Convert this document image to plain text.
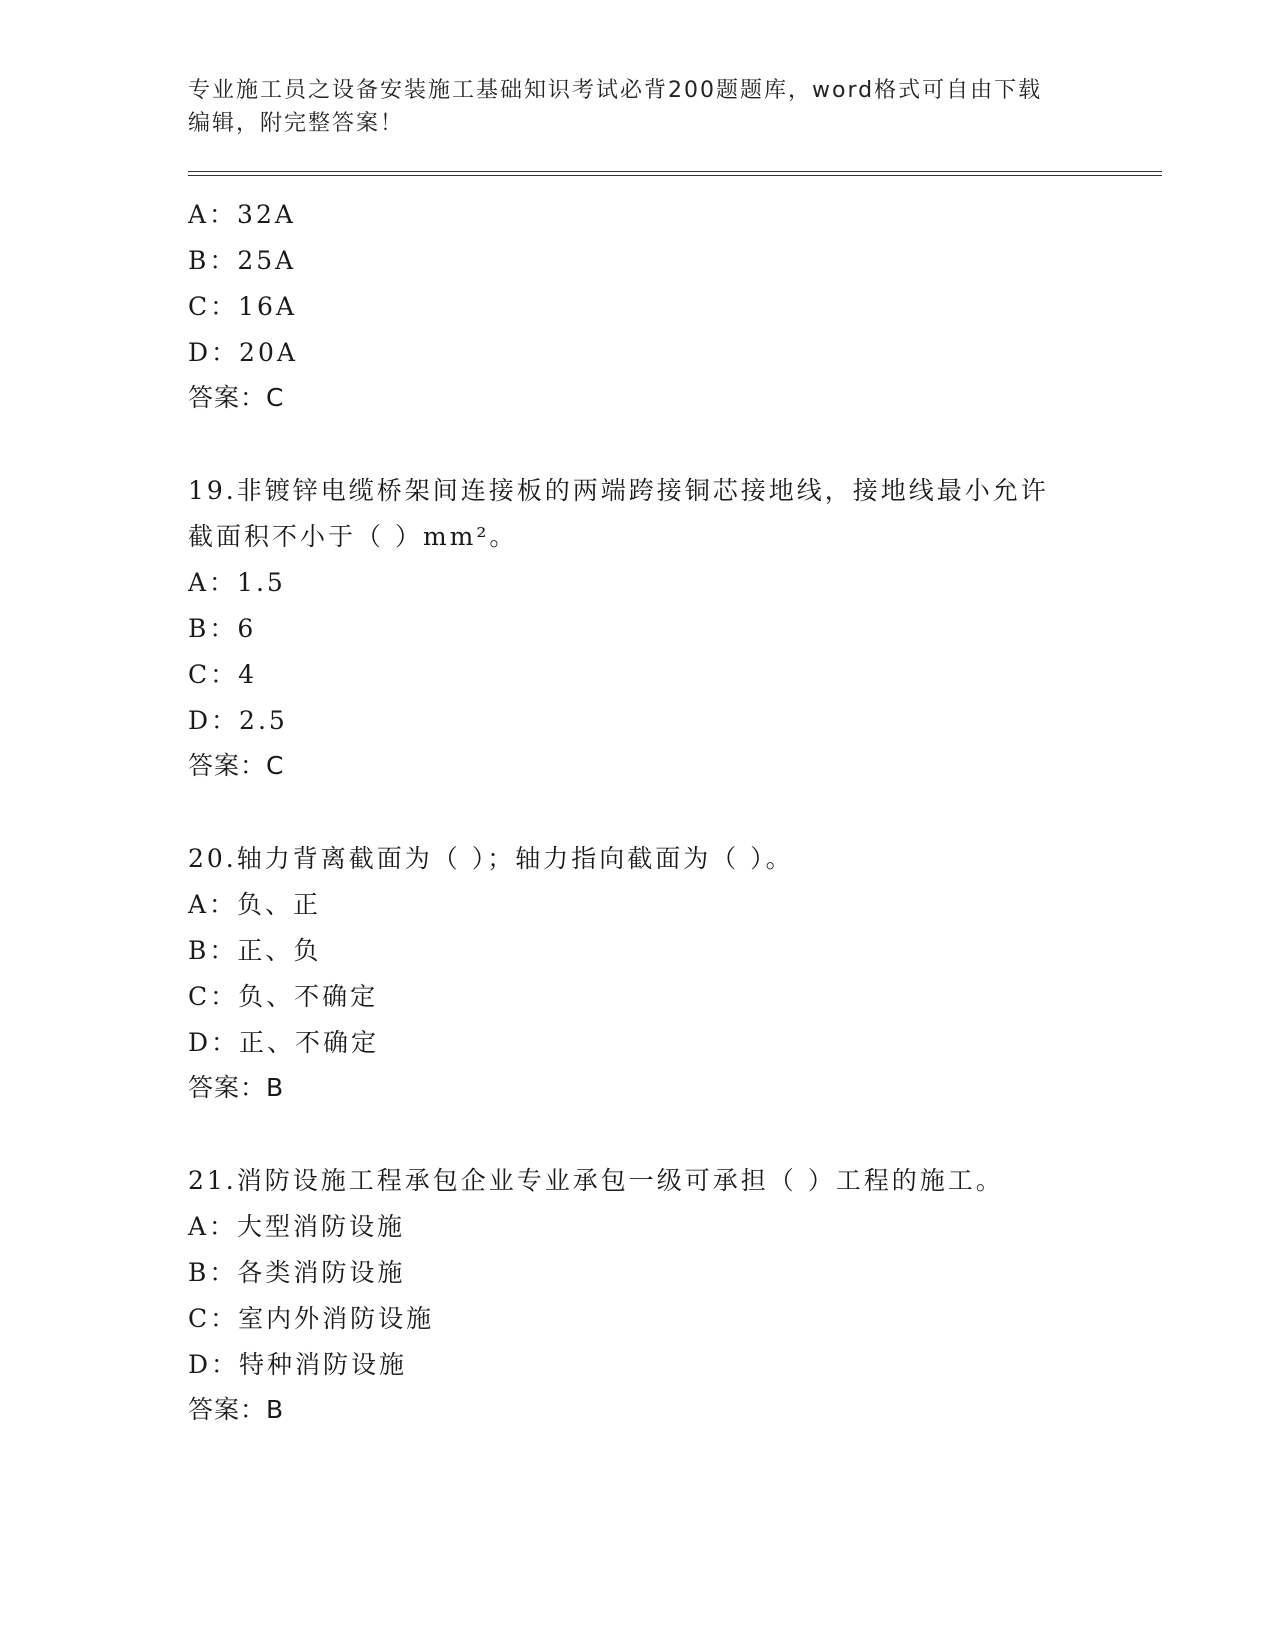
专业施工员之设备安装施工基础知识考试必背200题题库，word格式可自由下载
编辑，附完整答案！
A：32A
B：25A
C：16A
D：20A
答案：C
19.非镀锌电缆桥架间连接板的两端跨接铜芯接地线，接地线最小允许
截面积不小于（ ）mm²。
A：1.5
B：6
C：4
D：2.5
答案：C
20.轴力背离截面为（ ）；轴力指向截面为（ ）。
A：负、正
B：正、负
C：负、不确定
D：正、不确定
答案：B
21.消防设施工程承包企业专业承包一级可承担（ ）工程的施工。
A：大型消防设施
B：各类消防设施
C：室内外消防设施
D：特种消防设施
答案：B
